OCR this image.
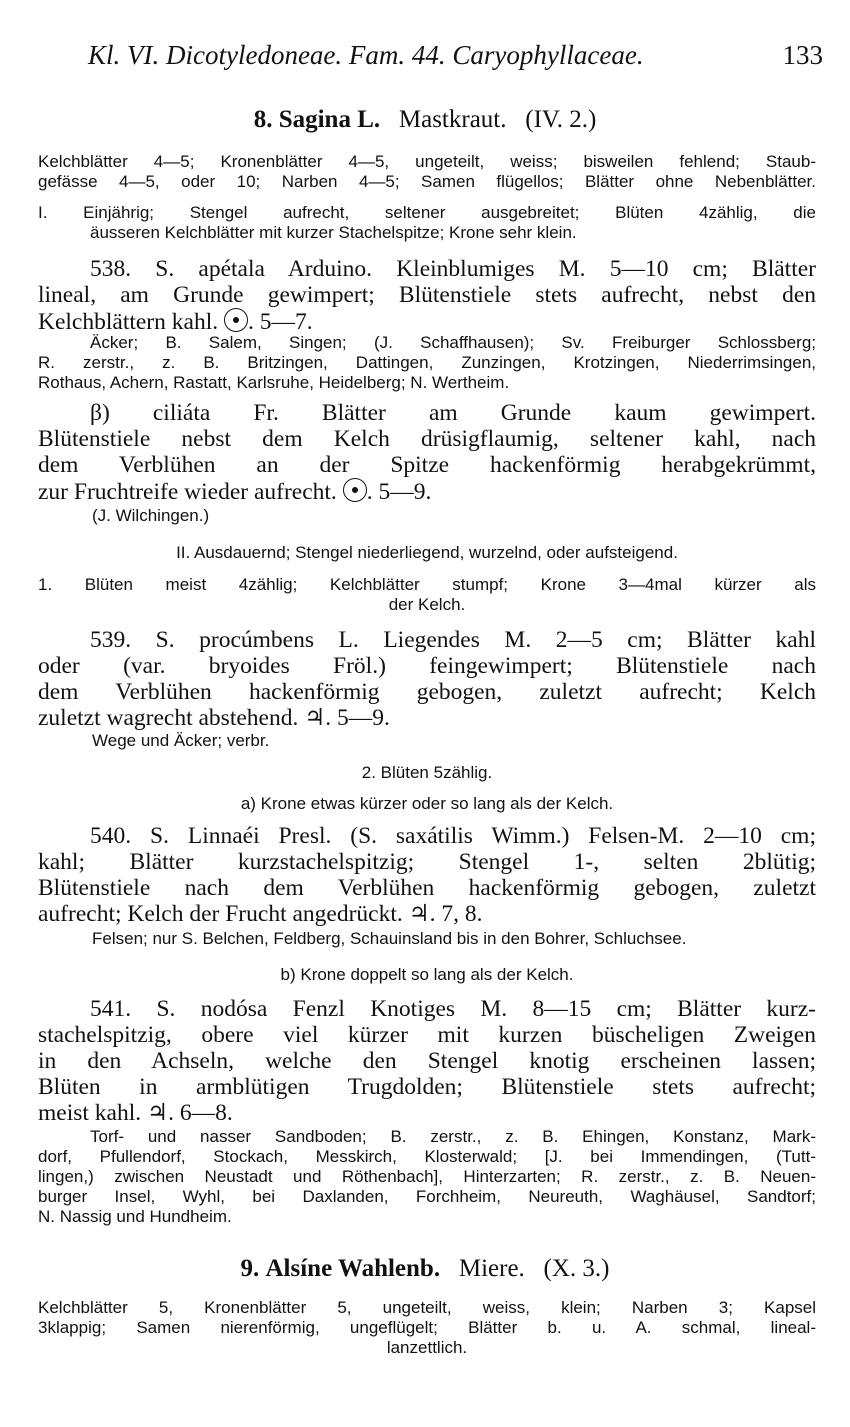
Kl. VI. Dicotyledoneae. Fam. 44. Caryophyllaceae.	133
8. Sagina L. Mastkraut. (IV. 2.)
Kelchblätter 4—5; Kronenblätter 4—5, ungeteilt, weiss; bisweilen fehlend; Staub-
gefässe 4—5, oder 10; Narben 4—5; Samen flügellos; Blätter ohne Nebenblätter.
I. Einjährig; Stengel aufrecht, seltener ausgebreitet; Blüten 4zählig, die
äusseren Kelchblätter mit kurzer Stachelspitze; Krone sehr klein.
538. S. apétala Arduino. Kleinblumiges M. 5—10 cm; Blätter
lineal, am Grunde gewimpert; Blütenstiele stets aufrecht, nebst den
Kelchblättern kahl. . 5—7.
Äcker; B. Salem, Singen; (J. Schaffhausen); Sv. Freiburger Schlossberg;
R. zerstr., z. B. Britzingen, Dattingen, Zunzingen, Krotzingen, Niederrimsingen,
Rothaus, Achern, Rastatt, Karlsruhe, Heidelberg; N. Wertheim.
β) ciliáta Fr. Blätter am Grunde kaum gewimpert.
Blütenstiele nebst dem Kelch drüsigflaumig, seltener kahl, nach
dem Verblühen an der Spitze hackenförmig herabgekrümmt,
zur Fruchtreife wieder aufrecht. . 5—9.
(J. Wilchingen.)
II. Ausdauernd; Stengel niederliegend, wurzelnd, oder aufsteigend.
1. Blüten meist 4zählig; Kelchblätter stumpf; Krone 3—4mal kürzer als
der Kelch.
539. S. procúmbens L. Liegendes M. 2—5 cm; Blätter kahl
oder (var. bryoides Fröl.) feingewimpert; Blütenstiele nach
dem Verblühen hackenförmig gebogen, zuletzt aufrecht; Kelch
zuletzt wagrecht abstehend. ♃. 5—9.
Wege und Äcker; verbr.
2. Blüten 5zählig.
a) Krone etwas kürzer oder so lang als der Kelch.
540. S. Linnaéi Presl. (S. saxátilis Wimm.) Felsen-M. 2—10 cm;
kahl; Blätter kurzstachelspitzig; Stengel 1-, selten 2blütig;
Blütenstiele nach dem Verblühen hackenförmig gebogen, zuletzt
aufrecht; Kelch der Frucht angedrückt. ♃. 7, 8.
Felsen; nur S. Belchen, Feldberg, Schauinsland bis in den Bohrer, Schluchsee.
b) Krone doppelt so lang als der Kelch.
541. S. nodósa Fenzl Knotiges M. 8—15 cm; Blätter kurz-
stachelspitzig, obere viel kürzer mit kurzen büscheligen Zweigen
in den Achseln, welche den Stengel knotig erscheinen lassen;
Blüten in armblütigen Trugdolden; Blütenstiele stets aufrecht;
meist kahl. ♃. 6—8.
Torf- und nasser Sandboden; B. zerstr., z. B. Ehingen, Konstanz, Mark-
dorf, Pfullendorf, Stockach, Messkirch, Klosterwald; [J. bei Immendingen, (Tutt-
lingen,) zwischen Neustadt und Röthenbach], Hinterzarten; R. zerstr., z. B. Neuen-
burger Insel, Wyhl, bei Daxlanden, Forchheim, Neureuth, Waghäusel, Sandtorf;
N. Nassig und Hundheim.
9. Alsíne Wahlenb. Miere. (X. 3.)
Kelchblätter 5, Kronenblätter 5, ungeteilt, weiss, klein; Narben 3; Kapsel
3klappig; Samen nierenförmig, ungeflügelt; Blätter b. u. A. schmal, lineal-
lanzettlich.
